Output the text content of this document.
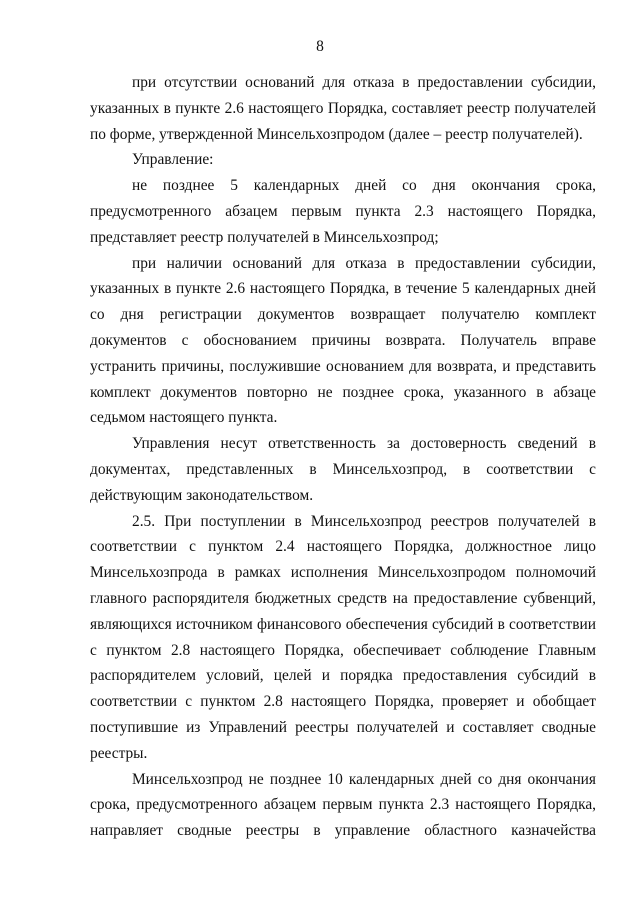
8

при отсутствии оснований для отказа в предоставлении субсидии, указанных в пункте 2.6 настоящего Порядка, составляет реестр получателей по форме, утвержденной Минсельхозпродом (далее – реестр получателей).

Управление:

не позднее 5 календарных дней со дня окончания срока, предусмотренного абзацем первым пункта 2.3 настоящего Порядка, представляет реестр получателей в Минсельхозпрод;

при наличии оснований для отказа в предоставлении субсидии, указанных в пункте 2.6 настоящего Порядка, в течение 5 календарных дней со дня регистрации документов возвращает получателю комплект документов с обоснованием причины возврата. Получатель вправе устранить причины, послужившие основанием для возврата, и представить комплект документов повторно не позднее срока, указанного в абзаце седьмом настоящего пункта.

Управления несут ответственность за достоверность сведений в документах, представленных в Минсельхозпрод, в соответствии с действующим законодательством.

2.5. При поступлении в Минсельхозпрод реестров получателей в соответствии с пунктом 2.4 настоящего Порядка, должностное лицо Минсельхозпрода в рамках исполнения Минсельхозпродом полномочий главного распорядителя бюджетных средств на предоставление субвенций, являющихся источником финансового обеспечения субсидий в соответствии с пунктом 2.8 настоящего Порядка, обеспечивает соблюдение Главным распорядителем условий, целей и порядка предоставления субсидий в соответствии с пунктом 2.8 настоящего Порядка, проверяет и обобщает поступившие из Управлений реестры получателей и составляет сводные реестры.

Минсельхозпрод не позднее 10 календарных дней со дня окончания срока, предусмотренного абзацем первым пункта 2.3 настоящего Порядка, направляет сводные реестры в управление областного казначейства
